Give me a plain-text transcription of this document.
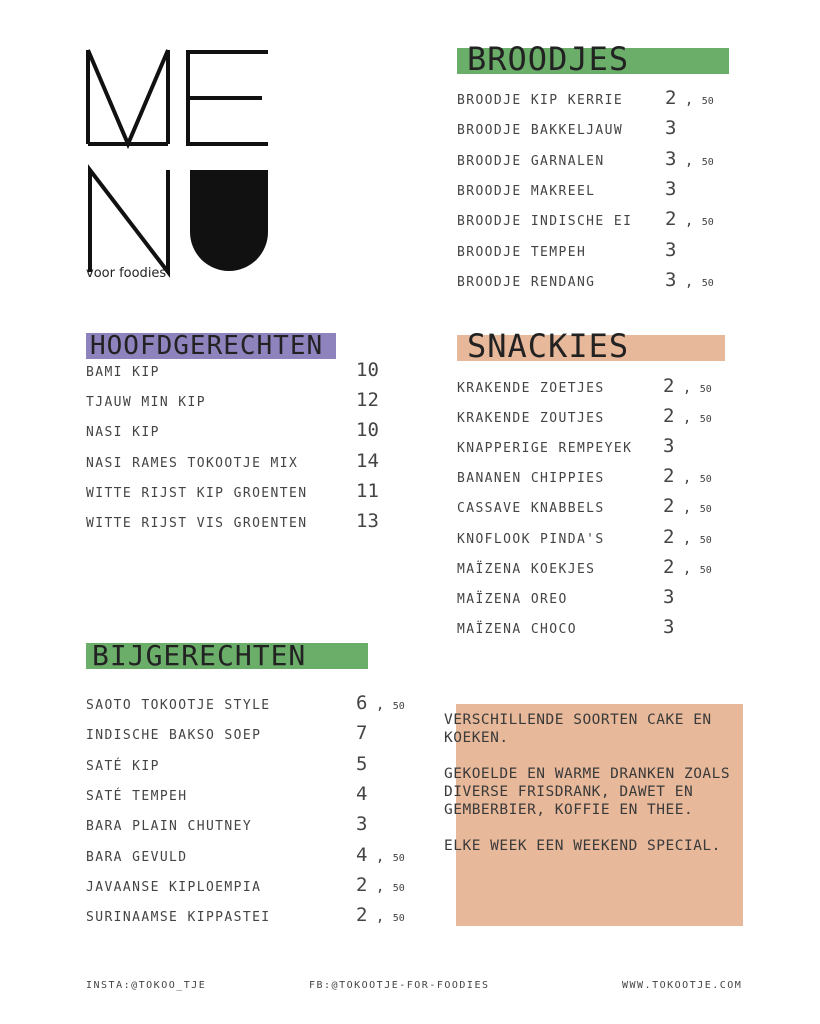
voor foodies
BROODJES
BROODJE KIP KERRIE 2 , 50
BROODJE BAKKELJAUW 3
BROODJE GARNALEN	3 , 50
BROODJE MAKREEL	3
BROODJE INDISCHE EI 2 , 50
BROODJE TEMPEH	3
BROODJE RENDANG	3 , 50
HOOFDGERECHTEN
BAMI KIP	10
TJAUW MIN KIP	12
NASI KIP	10
NASI RAMES TOKOOTJE MIX	14
WITTE RIJST KIP GROENTEN	11
WITTE RIJST VIS GROENTEN	13
SNACKIES
KRAKENDE ZOETJES	2 , 50
KRAKENDE ZOUTJES	2 , 50
KNAPPERIGE REMPEYEK 3
BANANEN CHIPPIES	2 , 50
CASSAVE KNABBELS	2 , 50
KNOFLOOK PINDA'S	2 , 50
MAÏZENA KOEKJES	2 , 50
MAÏZENA OREO	3
MAÏZENA CHOCO	3
BIJGERECHTEN
SAOTO TOKOOTJE STYLE	6 , 50
INDISCHE BAKSO SOEP	7
SATÉ KIP	5
SATÉ TEMPEH	4
BARA PLAIN CHUTNEY	3
BARA GEVULD	4 , 50
JAVAANSE KIPLOEMPIA	2 , 50
SURINAAMSE KIPPASTEI	2 , 50

VERSCHILLENDE SOORTEN CAKE EN KOEKEN.

GEKOELDE EN WARME DRANKEN ZOALS DIVERSE FRISDRANK, DAWET EN GEMBERBIER, KOFFIE EN THEE.

ELKE WEEK EEN WEEKEND SPECIAL.

INSTA:@TOKOO_TJE	FB:@TOKOOTJE-FOR-FOODIES	WWW.TOKOOTJE.COM
